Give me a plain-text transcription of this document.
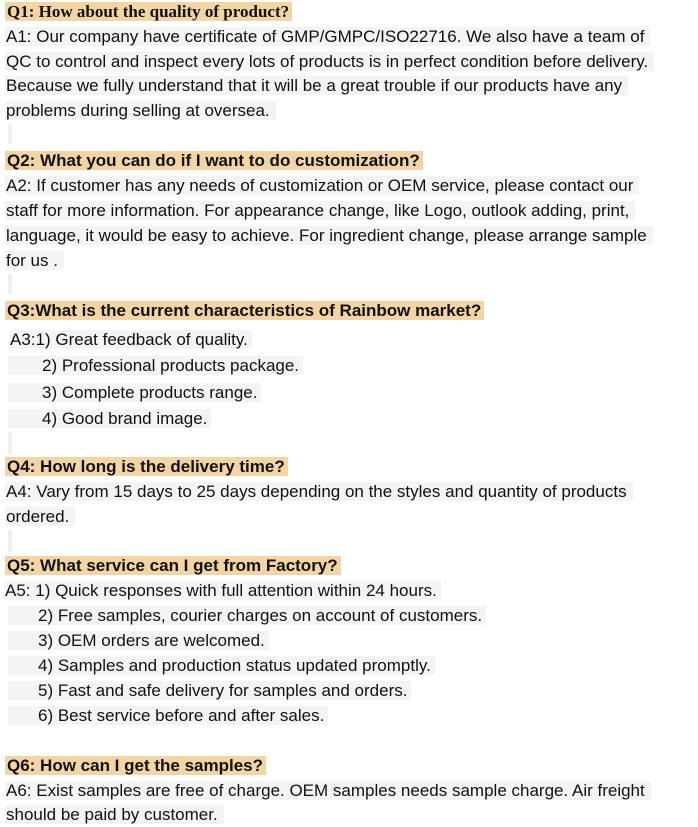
Q1: How about the quality of product?
A1: Our company have certificate of GMP/GMPC/ISO22716. We also have a team of
QC to control and inspect every lots of products is in perfect condition before delivery.
Because we fully understand that it will be a great trouble if our products have any
problems during selling at oversea.
Q2: What you can do if I want to do customization?
A2: If customer has any needs of customization or OEM service, please contact our
staff for more information. For appearance change, like Logo, outlook adding, print,
language, it would be easy to achieve. For ingredient change, please arrange sample
for us .
Q3:What is the current characteristics of Rainbow market?
A3:1) Great feedback of quality.
2) Professional products package.
3) Complete products range.
4) Good brand image.
Q4: How long is the delivery time?
A4: Vary from 15 days to 25 days depending on the styles and quantity of products
ordered.
Q5: What service can I get from Factory?
A5: 1) Quick responses with full attention within 24 hours.
2) Free samples, courier charges on account of customers.
3) OEM orders are welcomed.
4) Samples and production status updated promptly.
5) Fast and safe delivery for samples and orders.
6) Best service before and after sales.
Q6: How can I get the samples?
A6: Exist samples are free of charge. OEM samples needs sample charge. Air freight
should be paid by customer.
